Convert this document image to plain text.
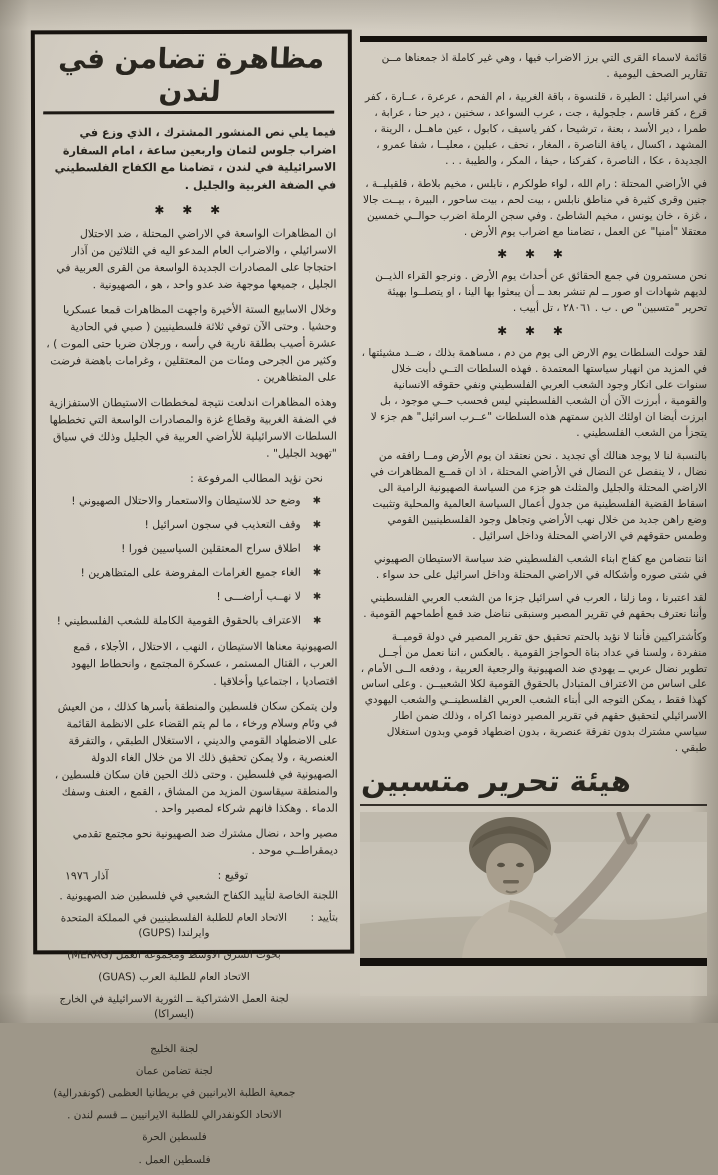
مظاهرة تضامن في لندن

فيما يلي نص المنشور المشترك ، الذي وزع في اضراب جلوس لثمان واربعين ساعة ، امام السفارة الاسرائيلية في لندن ، تضامنا مع الكفاح الفلسطيني في الضفة الغربية والجليل .

✱ ✱ ✱

ان المظاهرات الواسعة في الاراضي المحتلة ، ضد الاحتلال الاسرائيلي ، والاضراب العام المدعو اليه في الثلاثين من آذار احتجاجا على المصادرات الجديدة الواسعة من القرى العربية في الجليل ، جميعها موجهة ضد عدو واحد ، هو ، الصهيونية .

وخلال الاسابيع الستة الأخيرة واجهت المظاهرات قمعا عسكريا وحشيا . وحتى الآن توفي ثلاثة فلسطينيين ( صبي في الحادية عشرة أصيب بطلقة نارية في رأسه ، ورجلان ضربا حتى الموت ) ، وكثير من الجرحى ومئات من المعتقلين ، وغرامات باهضة فرضت على المتظاهرين .

وهذه المظاهرات اندلعت نتيجة لمخططات الاستيطان الاستفزازية في الضفة الغربية وقطاع غزة والمصادرات الواسعة التي تخططها السلطات الاسرائيلية للأراضي العربية في الجليل وذلك في سياق "تهويد الجليل" .

نحن نؤيد المطالب المرفوعة :

✱
وضع حد للاستيطان والاستعمار والاحتلال الصهيوني !
✱
وقف التعذيب في سجون اسرائيل !
✱
اطلاق سراح المعتقلين السياسيين فورا !
✱
الغاء جميع الغرامات المفروضة على المتظاهرين !
✱
لا نهــب أراضـــى !
✱
الاعتراف بالحقوق القومية الكاملة للشعب الفلسطيني !

الصهيونية معناها الاستيطان ، النهب ، الاحتلال ، الأجلاء ، قمع العرب ، القتال المستمر ، عسكرة المجتمع ، وانحطاط اليهود اقتصاديا ، اجتماعيا وأخلاقيا .

ولن يتمكن سكان فلسطين والمنطقة بأسرها كذلك ، من العيش في وئام وسلام ورخاء ، ما لم يتم القضاء على الانظمة القائمة على الاضطهاد القومي والديني ، الاستغلال الطبقي ، والتفرقة العنصرية ، ولا يمكن تحقيق ذلك الا من خلال الغاء الدولة الصهيونية في فلسطين . وحتى ذلك الحين فان سكان فلسطين ، والمنطقة سيقاسون المزيد من المشاق ، القمع ، العنف وسفك الدماء . وهكذا فانهم شركاء لمصير واحد .

مصير واحد ، نضال مشترك ضد الصهيونية نحو مجتمع تقدمي ديمقراطــي موحد .

توقيع :
آذار ١٩٧٦

اللجنة الخاصة لتأييد الكفاح الشعبي في فلسطين ضد الصهيونية .

بتأييد :
الاتحاد العام للطلبة الفلسطينيين في المملكة المتحدة وايرلندا (GUPS)
بحوث الشرق الاوسط ومجموعة العمل (MERAG)
الاتحاد العام للطلبة العرب (GUAS)
لجنة العمل الاشتراكية ــ الثورية الاسرائيلية في الخارج (ايسراكا)
لجنة الخليج
لجنة تضامن عمان
جمعية الطلبة الايرانيين في بريطانيا العظمى (كونفدرالية)
الاتحاد الكونفدرالي للطلبة الايرانيين ــ قسم لندن .
فلسطين الحرة
فلسطين العمل .

قائمة لاسماء القرى التي برز الاضراب فيها ، وهي غير كاملة اذ جمعناها مــن تقارير الصحف اليومية .

في اسرائيل : الطيرة ، قلنسوة ، باقة الغربية ، ام الفحم ، عرعرة ، عــارة ، كفر قرع ، كفر قاسم ، جلجولية ، جت ، عرب السواعد ، سخنين ، دير حنا ، عرابة ، طمرا ، دير الأسد ، بعنة ، ترشيحا ، كفر ياسيف ، كابول ، عين ماهــل ، الرينة ، المشهد ، اكسال ، يافة الناصرة ، المغار ، نحف ، عبلين ، معليــا ، شفا عمرو ، الجديدة ، عكا ، الناصرة ، كفركنا ، حيفا ، المكر ، والطيبة . . .

في الأراضي المحتلة : رام الله ، لواء طولكرم ، نابلس ، مخيم بلاطة ، قلقيليــة ، جنين وقرى كثيرة في مناطق نابلس ، بيت لحم ، بيت ساحور ، البيرة ، بيــت جالا ، غزة ، خان يونس ، مخيم الشاطئ . وفي سجن الرملة اضرب حوالــي خمسين معتقلا "أمنيا" عن العمل ، تضامنا مع اضراب يوم الأرض .

✱ ✱ ✱

نحن مستمرون في جمع الحقائق عن أحداث يوم الأرض . ونرجو القراء الذيــن لديهم شهادات او صور ــ لم تنشر بعد ــ أن يبعثوا بها الينا ، او يتصلــوا بهيئة تحرير "متسبين" ص . ب . ٢٨٠٦١ ، تل أبيب .

✱ ✱ ✱

لقد حولت السلطات يوم الارض الى يوم من دم ، مساهمة بذلك ، ضــد مشيئتها ، في المزيد من انهيار سياستها المعتمدة . فهذه السلطات التــي دأبت خلال سنوات على انكار وجود الشعب العربي الفلسطيني ونفي حقوقه الانسانية والقومية ، أبرزت الآن أن الشعب الفلسطيني ليس فحسب حــي موجود ، بل ابرزت أيضا ان اولئك الذين سمتهم هذه السلطات "عــرب اسرائيل" هم جزء لا يتجزأ من الشعب الفلسطيني .

بالنسبة لنا لا يوجد هنالك أي تجديد . نحن نعتقد ان يوم الأرض ومــا رافقه من نضال ، لا ينفصل عن النضال في الأراضي المحتلة ، اذ ان قمــع المظاهرات في الاراضي المحتلة والجليل والمثلث هو جزء من السياسة الصهيونية الرامية الى اسقاط القضية الفلسطينية من جدول أعمال السياسة العالمية والمحلية وتثبيت وضع راهن جديد من خلال نهب الأراضي وتجاهل وجود الفلسطينيين القومي وطمس حقوقهم في الاراضي المحتلة وداخل اسرائيل .

اننا نتضامن مع كفاح ابناء الشعب الفلسطيني ضد سياسة الاستيطان الصهيوني في شتى صوره وأشكاله في الاراضي المحتلة وداخل اسرائيل على حد سواء .

لقد اعتبرنا ، وما زلنا ، العرب في اسرائيل جزءا من الشعب العربي الفلسطيني وأننا نعترف بحقهم في تقرير المصير وسنبقى نناضل ضد قمع أطماحهم القومية .

وكأشتراكيين فأننا لا نؤيد بالحتم تحقيق حق تقرير المصير في دولة قوميــة منفردة ، ولسنا في عداد بناة الحواجز القومية . بالعكس ، اننا نعمل من أجــل تطوير نضال عربي ــ يهودي ضد الصهيونية والرجعية العربية ، ودفعه الــى الأمام ، على اساس من الاعتراف المتبادل بالحقوق القومية لكلا الشعبيــن . وعلى اساس كهذا فقط ، يمكن التوجه الى أبناء الشعب العربي الفلسطينــي والشعب اليهودي الاسرائيلي لتحقيق حقهم في تقرير المصير دونما اكراه ، وذلك ضمن اطار سياسي مشترك بدون تفرقة عنصرية ، بدون اضطهاد قومي وبدون استغلال طبقي .

هيئة تحرير متسبين
